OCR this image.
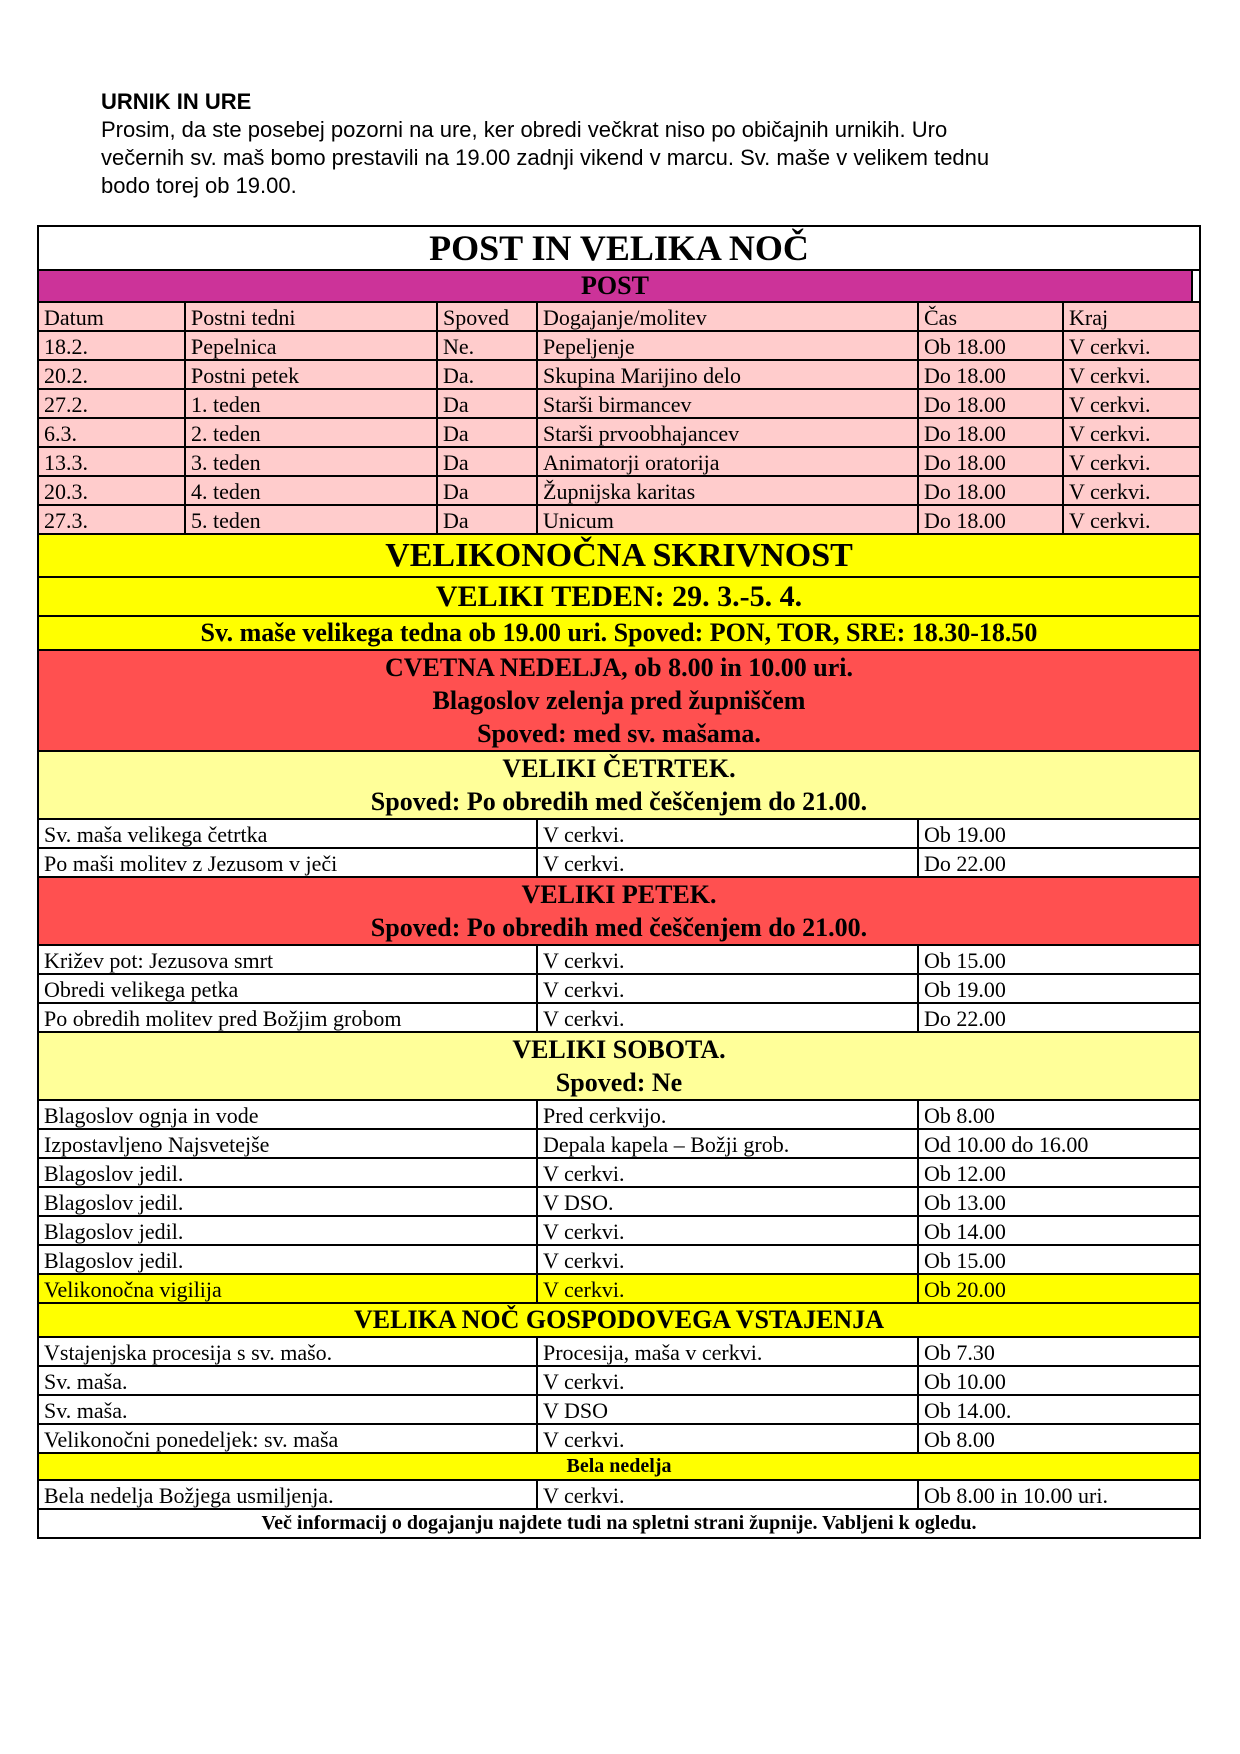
URNIK IN URE
Prosim, da ste posebej pozorni na ure, ker obredi večkrat niso po običajnih urnikih. Uro
večernih sv. maš bomo prestavili na 19.00 zadnji vikend v marcu. Sv. maše v velikem tednu
bodo torej ob 19.00.
POST IN VELIKA NOČ
POST
Datum	Postni tedni	Spoved	Dogajanje/molitev	Čas	Kraj
18.2.	Pepelnica	Ne.	Pepeljenje	Ob 18.00	V cerkvi.
20.2.	Postni petek	Da.	Skupina Marijino delo	Do 18.00	V cerkvi.
27.2.	1. teden	Da	Starši birmancev	Do 18.00	V cerkvi.
6.3.	2. teden	Da	Starši prvoobhajancev	Do 18.00	V cerkvi.
13.3.	3. teden	Da	Animatorji oratorija	Do 18.00	V cerkvi.
20.3.	4. teden	Da	Župnijska karitas	Do 18.00	V cerkvi.
27.3.	5. teden	Da	Unicum	Do 18.00	V cerkvi.
VELIKONOČNA SKRIVNOST
VELIKI TEDEN: 29. 3.-5. 4.
Sv. maše velikega tedna ob 19.00 uri. Spoved: PON, TOR, SRE: 18.30-18.50
CVETNA NEDELJA, ob 8.00 in 10.00 uri.
Blagoslov zelenja pred župniščem
Spoved: med sv. mašama.
VELIKI ČETRTEK.
Spoved: Po obredih med češčenjem do 21.00.
Sv. maša velikega četrtka	V cerkvi.	Ob 19.00
Po maši molitev z Jezusom v ječi	V cerkvi.	Do 22.00
VELIKI PETEK.
Spoved: Po obredih med češčenjem do 21.00.
Križev pot: Jezusova smrt	V cerkvi.	Ob 15.00
Obredi velikega petka	V cerkvi.	Ob 19.00
Po obredih molitev pred Božjim grobom	V cerkvi.	Do 22.00
VELIKI SOBOTA.
Spoved: Ne
Blagoslov ognja in vode	Pred cerkvijo.	Ob 8.00
Izpostavljeno Najsvetejše	Depala kapela – Božji grob.	Od 10.00 do 16.00
Blagoslov jedil.	V cerkvi.	Ob 12.00
Blagoslov jedil.	V DSO.	Ob 13.00
Blagoslov jedil.	V cerkvi.	Ob 14.00
Blagoslov jedil.	V cerkvi.	Ob 15.00
Velikonočna vigilija	V cerkvi.	Ob 20.00
VELIKA NOČ GOSPODOVEGA VSTAJENJA
Vstajenjska procesija s sv. mašo.	Procesija, maša v cerkvi.	Ob 7.30
Sv. maša.	V cerkvi.	Ob 10.00
Sv. maša.	V DSO	Ob 14.00.
Velikonočni ponedeljek: sv. maša	V cerkvi.	Ob 8.00
Bela nedelja
Bela nedelja Božjega usmiljenja.	V cerkvi.	Ob 8.00 in 10.00 uri.
Več informacij o dogajanju najdete tudi na spletni strani župnije. Vabljeni k ogledu.
